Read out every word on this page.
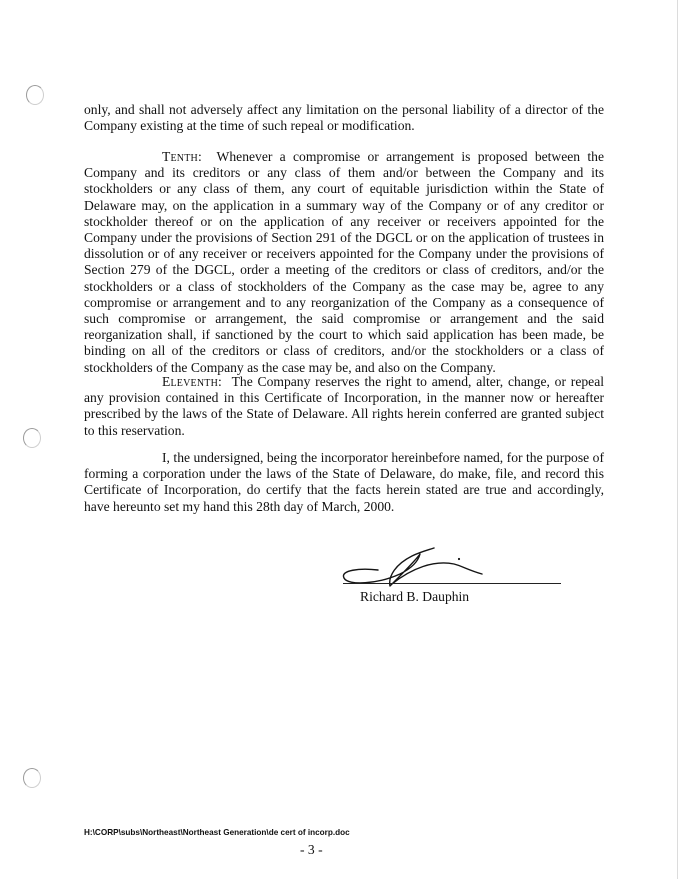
only, and shall not adversely affect any limitation on the personal liability of a director of the Company existing at the time of such repeal or modification.

Tenth: Whenever a compromise or arrangement is proposed between the Company and its creditors or any class of them and/or between the Company and its stockholders or any class of them, any court of equitable jurisdiction within the State of Delaware may, on the application in a summary way of the Company or of any creditor or stockholder thereof or on the application of any receiver or receivers appointed for the Company under the provisions of Section 291 of the DGCL or on the application of trustees in dissolution or of any receiver or receivers appointed for the Company under the provisions of Section 279 of the DGCL, order a meeting of the creditors or class of creditors, and/or the stockholders or a class of stockholders of the Company as the case may be, agree to any compromise or arrangement and to any reorganization of the Company as a consequence of such compromise or arrangement, the said compromise or arrangement and the said reorganization shall, if sanctioned by the court to which said application has been made, be binding on all of the creditors or class of creditors, and/or the stockholders or a class of stockholders of the Company as the case may be, and also on the Company.

Eleventh: The Company reserves the right to amend, alter, change, or repeal any provision contained in this Certificate of Incorporation, in the manner now or hereafter prescribed by the laws of the State of Delaware. All rights herein conferred are granted subject to this reservation.

I, the undersigned, being the incorporator hereinbefore named, for the purpose of forming a corporation under the laws of the State of Delaware, do make, file, and record this Certificate of Incorporation, do certify that the facts herein stated are true and accordingly, have hereunto set my hand this 28th day of March, 2000.

Richard B. Dauphin
H:\CORP\subs\Northeast\Northeast Generation\de cert of incorp.doc
- 3 -
